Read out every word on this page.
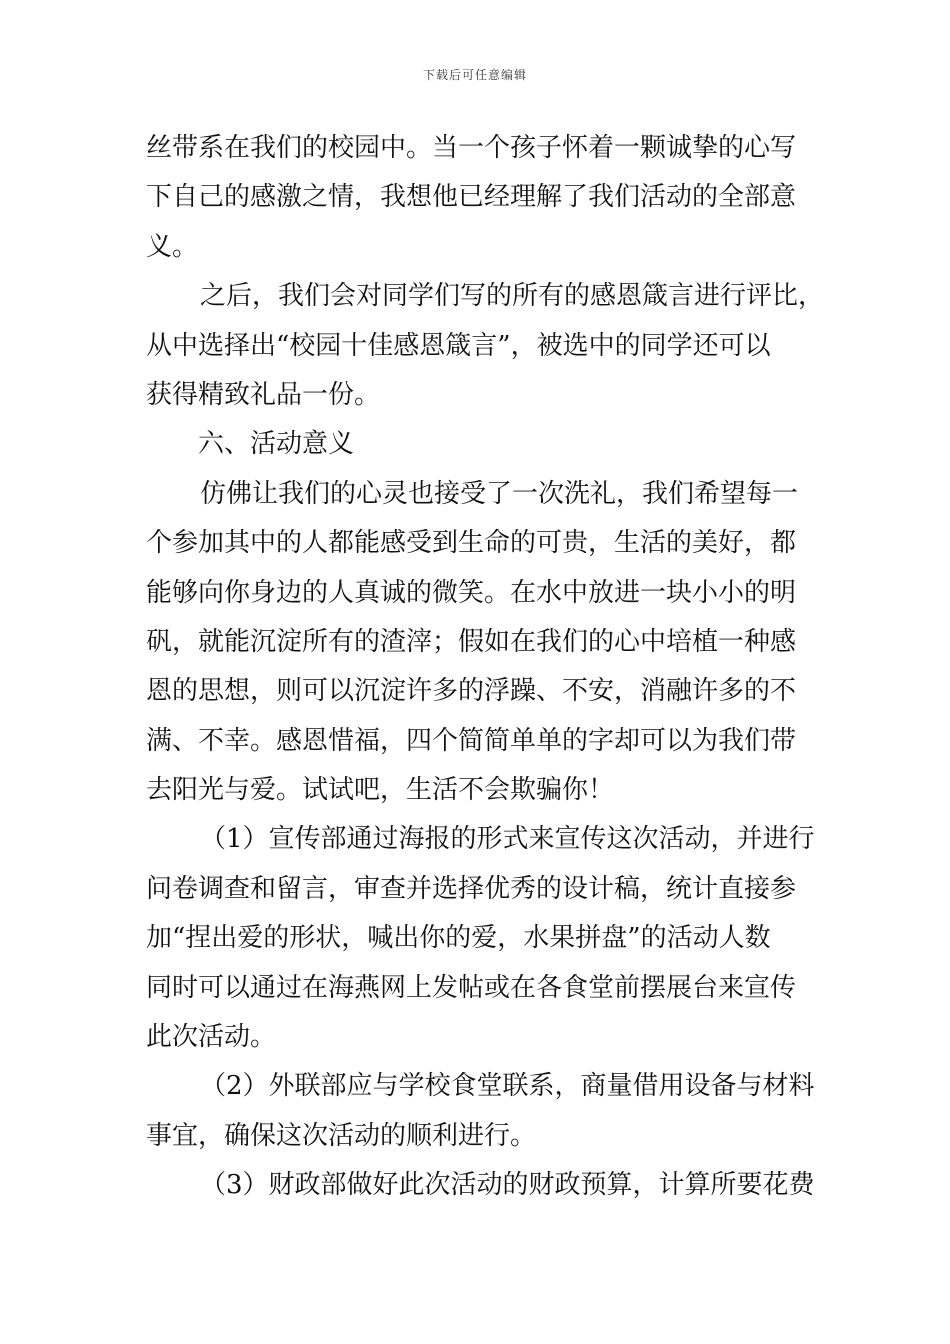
下载后可任意编辑
丝带系在我们的校园中。当一个孩子怀着一颗诚挚的心写
下自己的感激之情，我想他已经理解了我们活动的全部意
义。
之后，我们会对同学们写的所有的感恩箴言进行评比，
从中选择出“校园十佳感恩箴言”，被选中的同学还可以
获得精致礼品一份。
六、活动意义
仿佛让我们的心灵也接受了一次洗礼，我们希望每一
个参加其中的人都能感受到生命的可贵，生活的美好，都
能够向你身边的人真诚的微笑。在水中放进一块小小的明
矾，就能沉淀所有的渣滓；假如在我们的心中培植一种感
恩的思想，则可以沉淀许多的浮躁、不安，消融许多的不
满、不幸。感恩惜福，四个简简单单的字却可以为我们带
去阳光与爱。试试吧，生活不会欺骗你！
（1）宣传部通过海报的形式来宣传这次活动，并进行
问卷调查和留言，审查并选择优秀的设计稿，统计直接参
加“捏出爱的形状，喊出你的爱，水果拼盘”的活动人数
同时可以通过在海燕网上发帖或在各食堂前摆展台来宣传
此次活动。
（2）外联部应与学校食堂联系，商量借用设备与材料
事宜，确保这次活动的顺利进行。
（3）财政部做好此次活动的财政预算，计算所要花费
